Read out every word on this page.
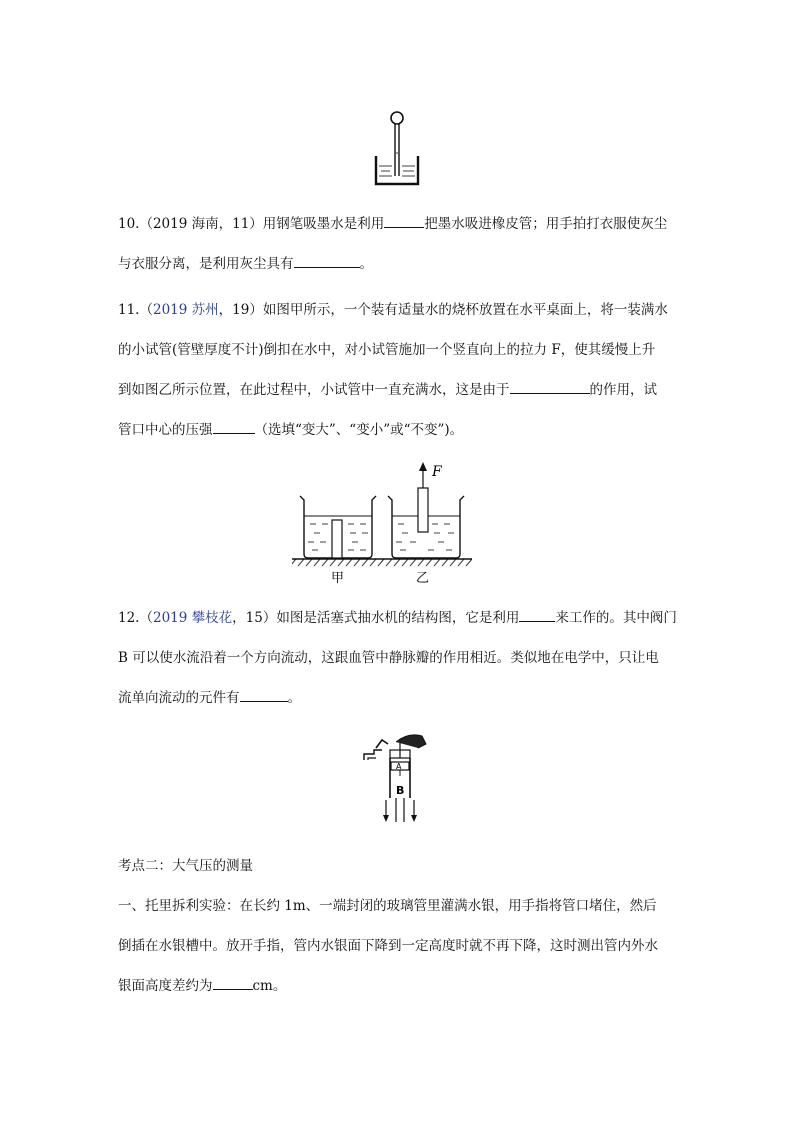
10.（2019 海南，11）用钢笔吸墨水是利用	把墨水吸进橡皮管；用手拍打衣服使灰尘
与衣服分离，是利用灰尘具有	。
11.（2019 苏州，19）如图甲所示，一个装有适量水的烧杯放置在水平桌面上，将一装满水
的小试管(管壁厚度不计)倒扣在水中，对小试管施加一个竖直向上的拉力 F，使其缓慢上升
到如图乙所示位置，在此过程中，小试管中一直充满水，这是由于	的作用，试
管口中心的压强	（选填“变大”、“变小”或“不变”)。
F
甲	乙
12.（2019 攀枝花，15）如图是活塞式抽水机的结构图，它是利用	来工作的。其中阀门
B 可以使水流沿着一个方向流动，这跟血管中静脉瓣的作用相近。类似地在电学中，只让电
流单向流动的元件有	。
A
B
考点二：大气压的测量
一、托里拆利实验：在长约 1m、一端封闭的玻璃管里灌满水银，用手指将管口堵住，然后
倒插在水银槽中。放开手指，管内水银面下降到一定高度时就不再下降，这时测出管内外水
银面高度差约为	cm。
